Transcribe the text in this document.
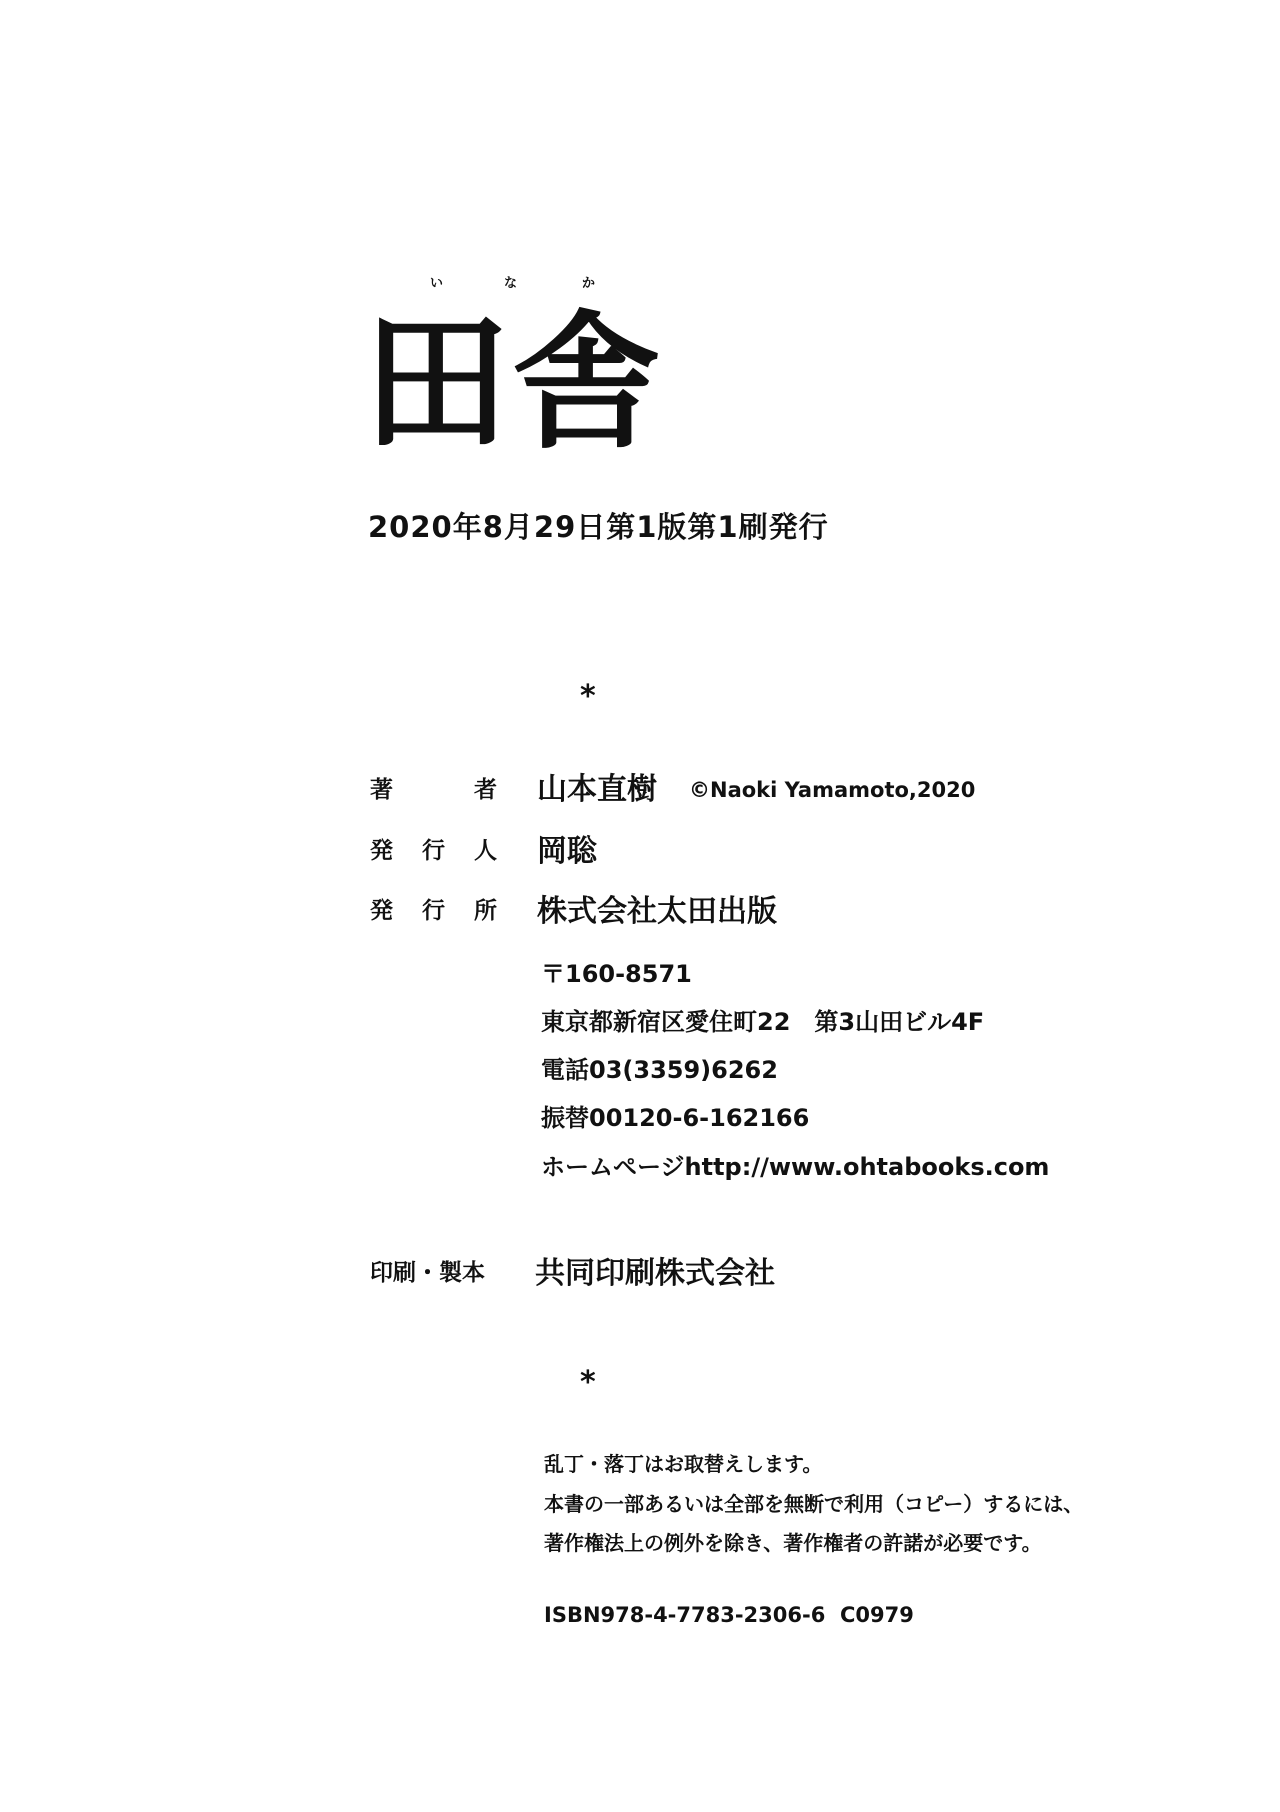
い	な	か
田舎
2020年8月29日第1版第1刷発行
*
著	者 山本直樹 ©Naoki Yamamoto,2020
発 行 人 岡聡
発 行 所 株式会社太田出版
〒160-8571
東京都新宿区愛住町22　第3山田ビル4F
電話03(3359)6262
振替00120-6-162166
ホームページhttp://www.ohtabooks.com
印刷・製本 共同印刷株式会社
*
乱丁・落丁はお取替えします。
本書の一部あるいは全部を無断で利用（コピー）するには、
著作権法上の例外を除き、著作権者の許諾が必要です。
ISBN978-4-7783-2306-6  C0979
